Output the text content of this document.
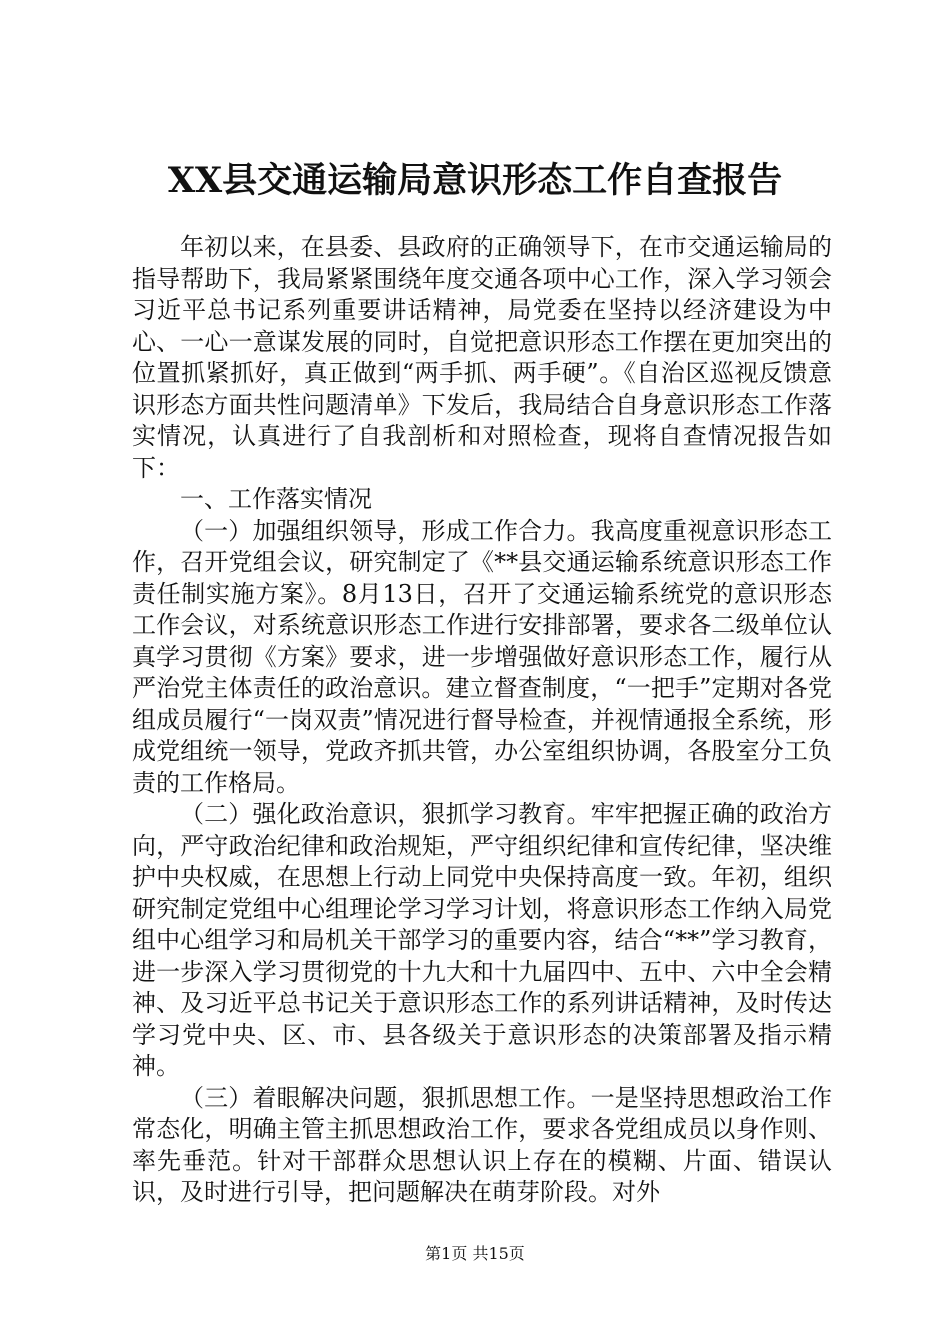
XX县交通运输局意识形态工作自查报告

年初以来，在县委、县政府的正确领导下，在市交通运输局的指导帮助下，我局紧紧围绕年度交通各项中心工作，深入学习领会习近平总书记系列重要讲话精神，局党委在坚持以经济建设为中心、一心一意谋发展的同时，自觉把意识形态工作摆在更加突出的位置抓紧抓好，真正做到“两手抓、两手硬”。《自治区巡视反馈意识形态方面共性问题清单》下发后，我局结合自身意识形态工作落实情况，认真进行了自我剖析和对照检查，现将自查情况报告如下：

一、工作落实情况

（一）加强组织领导，形成工作合力。我高度重视意识形态工作，召开党组会议，研究制定了《**县交通运输系统意识形态工作责任制实施方案》。8月13日，召开了交通运输系统党的意识形态工作会议，对系统意识形态工作进行安排部署，要求各二级单位认真学习贯彻《方案》要求，进一步增强做好意识形态工作，履行从严治党主体责任的政治意识。建立督查制度，“一把手”定期对各党组成员履行“一岗双责”情况进行督导检查，并视情通报全系统，形成党组统一领导，党政齐抓共管，办公室组织协调，各股室分工负责的工作格局。

（二）强化政治意识，狠抓学习教育。牢牢把握正确的政治方向，严守政治纪律和政治规矩，严守组织纪律和宣传纪律，坚决维护中央权威，在思想上行动上同党中央保持高度一致。年初，组织研究制定党组中心组理论学习学习计划，将意识形态工作纳入局党组中心组学习和局机关干部学习的重要内容，结合“**”学习教育，进一步深入学习贯彻党的十九大和十九届四中、五中、六中全会精神、及习近平总书记关于意识形态工作的系列讲话精神，及时传达学习党中央、区、市、县各级关于意识形态的决策部署及指示精神。

（三）着眼解决问题，狠抓思想工作。一是坚持思想政治工作常态化，明确主管主抓思想政治工作，要求各党组成员以身作则、率先垂范。针对干部群众思想认识上存在的模糊、片面、错误认识，及时进行引导，把问题解决在萌芽阶段。对外

第1页 共15页
